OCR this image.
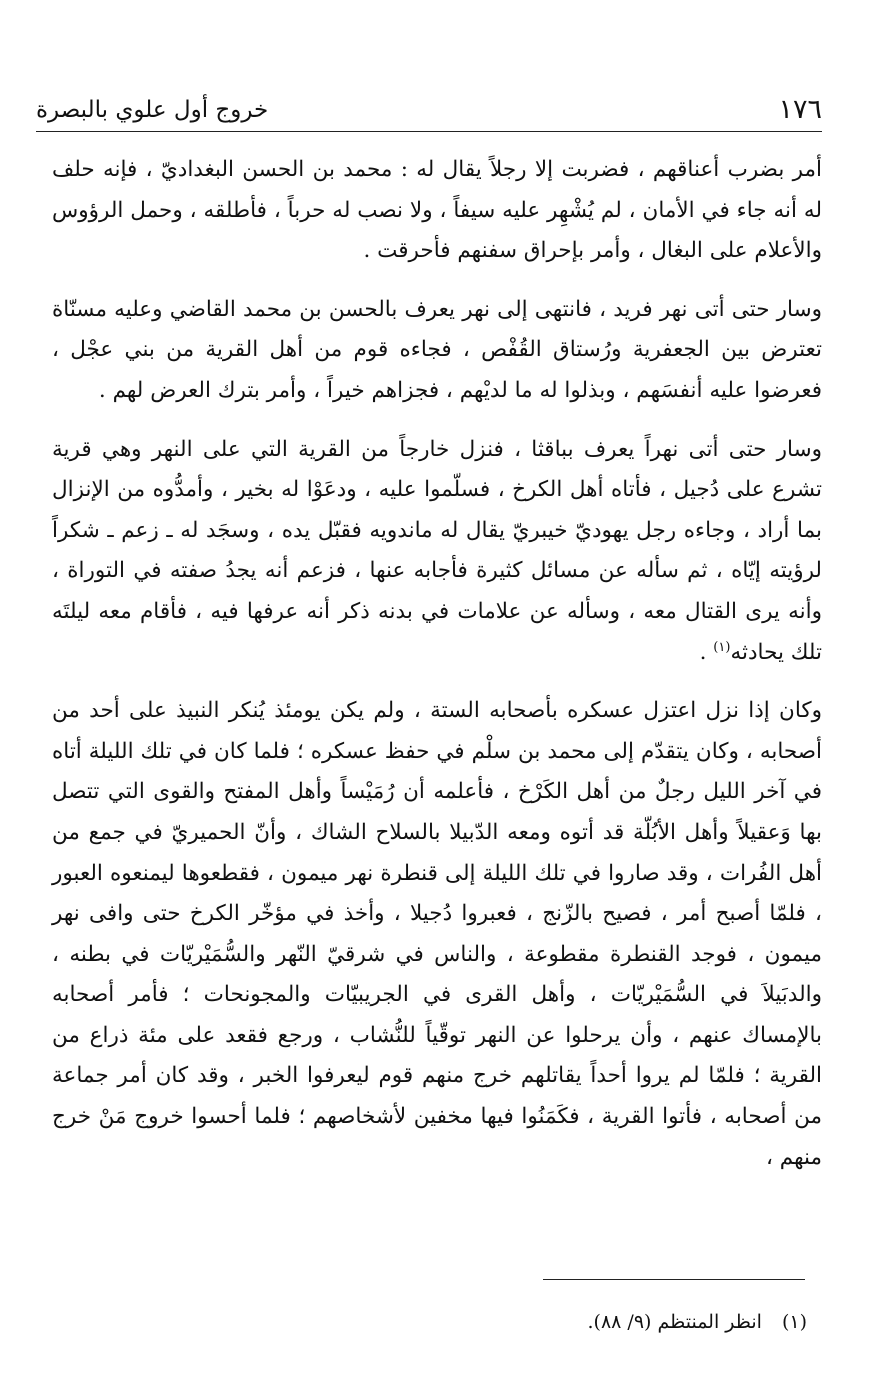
١٧٦
خروج أول علوي بالبصرة

أمر بضرب أعناقهم ، فضربت إلا رجلاً يقال له : محمد بن الحسن البغداديّ ، فإنه حلف له أنه جاء في الأمان ، لم يُشْهِر عليه سيفاً ، ولا نصب له حرباً ، فأطلقه ، وحمل الرؤوس والأعلام على البغال ، وأمر بإحراق سفنهم فأحرقت .

وسار حتى أتى نهر فريد ، فانتهى إلى نهر يعرف بالحسن بن محمد القاضي وعليه مسنّاة تعترض بين الجعفرية ورُستاق القُفْص ، فجاءه قوم من أهل القرية من بني عجْل ، فعرضوا عليه أنفسَهم ، وبذلوا له ما لديْهم ، فجزاهم خيراً ، وأمر بترك العرض لهم .

وسار حتى أتى نهراً يعرف بباقثا ، فنزل خارجاً من القرية التي على النهر وهي قرية تشرع على دُجيل ، فأتاه أهل الكرخ ، فسلّموا عليه ، ودعَوْا له بخير ، وأمدُّوه من الإنزال بما أراد ، وجاءه رجل يهوديّ خيبريّ يقال له ماندويه فقبّل يده ، وسجَد له ـ زعم ـ شكراً لرؤيته إيّاه ، ثم سأله عن مسائل كثيرة فأجابه عنها ، فزعم أنه يجدُ صفته في التوراة ، وأنه يرى القتال معه ، وسأله عن علامات في بدنه ذكر أنه عرفها فيه ، فأقام معه ليلتَه تلك يحادثه$^{(١)}$ .

وكان إذا نزل اعتزل عسكره بأصحابه الستة ، ولم يكن يومئذ يُنكر النبيذ على أحد من أصحابه ، وكان يتقدّم إلى محمد بن سلْم في حفظ عسكره ؛ فلما كان في تلك الليلة أتاه في آخر الليل رجلٌ من أهل الكَرْخ ، فأعلمه أن رُمَيْساً وأهل المفتح والقوى التي تتصل بها وَعقيلاً وأهل الأبُلّة قد أتوه ومعه الدّبيلا بالسلاح الشاك ، وأنّ الحميريّ في جمع من أهل الفُرات ، وقد صاروا في تلك الليلة إلى قنطرة نهر ميمون ، فقطعوها ليمنعوه العبور ، فلمّا أصبح أمر ، فصيح بالزّنج ، فعبروا دُجيلا ، وأخذ في مؤخّر الكرخ حتى وافى نهر ميمون ، فوجد القنطرة مقطوعة ، والناس في شرقيّ النّهر والسُّمَيْريّات في بطنه ، والدبَيلاَ في السُّمَيْريّات ، وأهل القرى في الجريبيّات والمجونحات ؛ فأمر أصحابه بالإمساك عنهم ، وأن يرحلوا عن النهر توقّياً للنُّشاب ، ورجع فقعد على مئة ذراع من القرية ؛ فلمّا لم يروا أحداً يقاتلهم خرج منهم قوم ليعرفوا الخبر ، وقد كان أمر جماعة من أصحابه ، فأتوا القرية ، فكَمَنُوا فيها مخفين لأشخاصهم ؛ فلما أحسوا خروج مَنْ خرج منهم ،

(١)انظر المنتظم (٩/ ٨٨).
